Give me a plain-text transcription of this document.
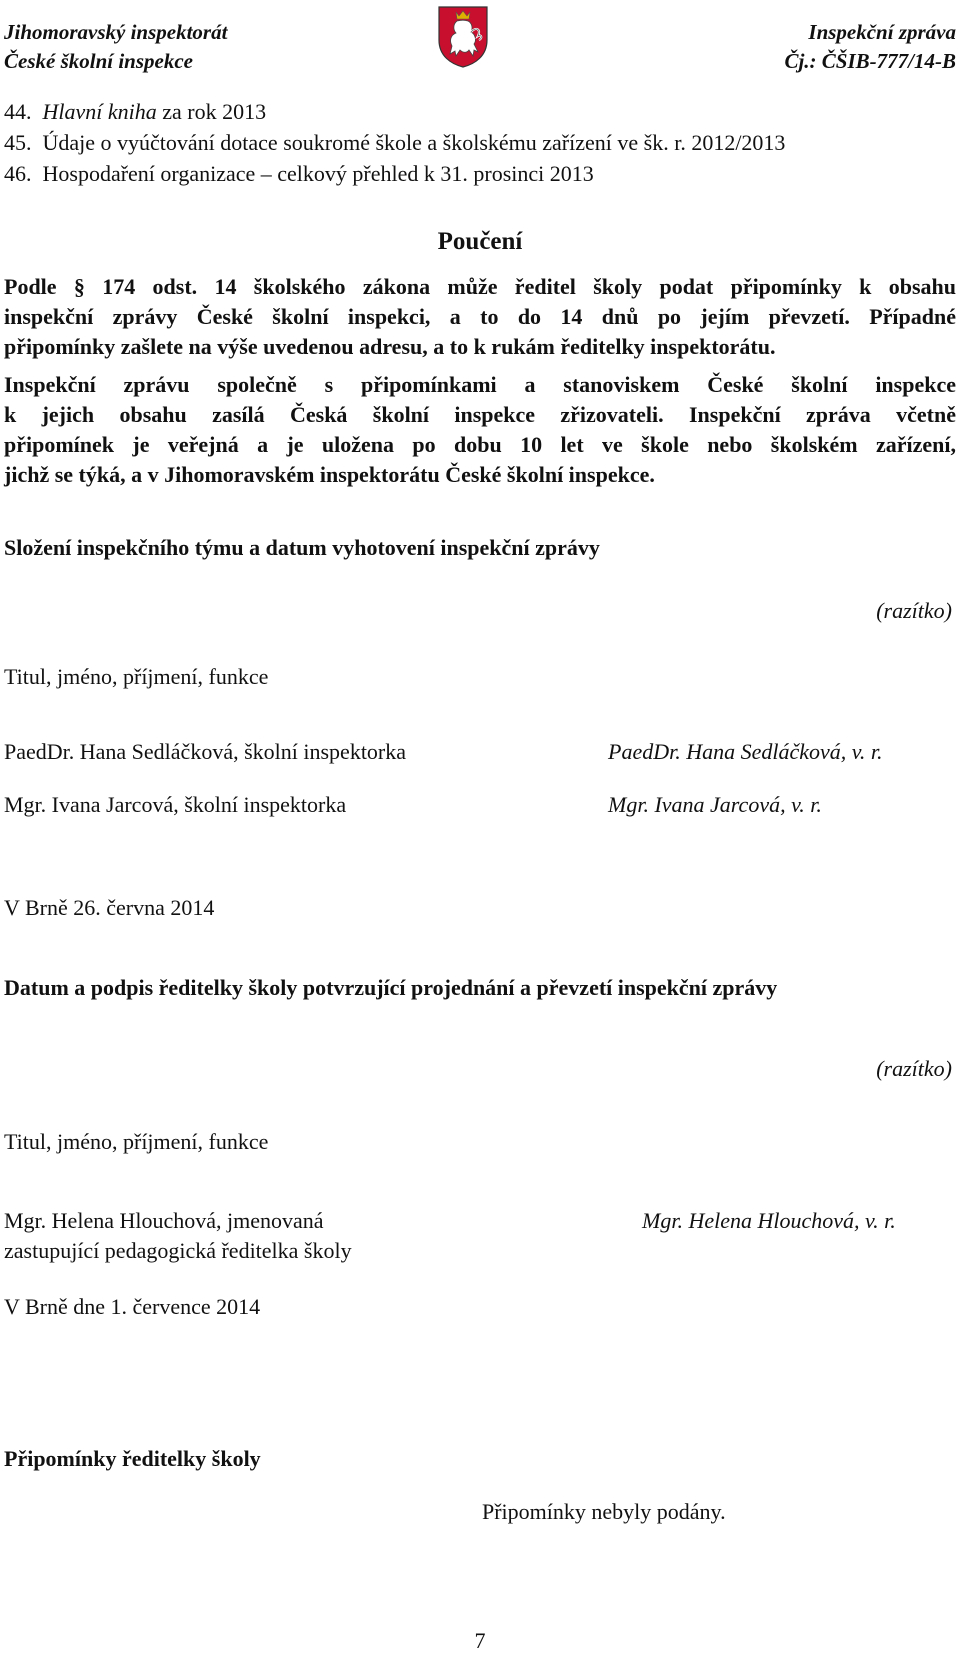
Jihomoravský inspektorát
České školní inspekce
Inspekční zpráva
Čj.: ČŠIB-777/14-B
44. Hlavní kniha za rok 2013
45. Údaje o vyúčtování dotace soukromé škole a školskému zařízení ve šk. r. 2012/2013
46. Hospodaření organizace – celkový přehled k 31. prosinci 2013
Poučení
Podle § 174 odst. 14 školského zákona může ředitel školy podat připomínky k obsahu
inspekční zprávy České školní inspekci, a to do 14 dnů po jejím převzetí. Případné
připomínky zašlete na výše uvedenou adresu, a to k rukám ředitelky inspektorátu.
Inspekční zprávu společně s připomínkami a stanoviskem České školní inspekce
k jejich obsahu zasílá Česká školní inspekce zřizovateli. Inspekční zpráva včetně
připomínek je veřejná a je uložena po dobu 10 let ve škole nebo školském zařízení,
jichž se týká, a v Jihomoravském inspektorátu České školní inspekce.
Složení inspekčního týmu a datum vyhotovení inspekční zprávy
(razítko)
Titul, jméno, příjmení, funkce
PaedDr. Hana Sedláčková, školní inspektorka	PaedDr. Hana Sedláčková, v. r.
Mgr. Ivana Jarcová, školní inspektorka	Mgr. Ivana Jarcová, v. r.
V Brně 26. června 2014
Datum a podpis ředitelky školy potvrzující projednání a převzetí inspekční zprávy
(razítko)
Titul, jméno, příjmení, funkce
Mgr. Helena Hlouchová, jmenovaná
zastupující pedagogická ředitelka školy
Mgr. Helena Hlouchová, v. r.
V Brně dne 1. července 2014
Připomínky ředitelky školy
Připomínky nebyly podány.
7
